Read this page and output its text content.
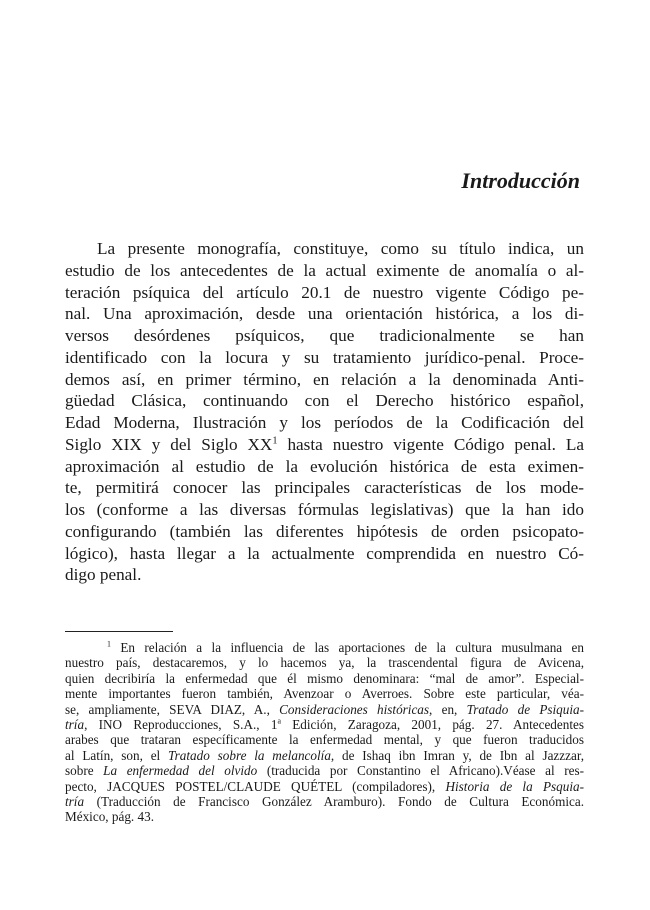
Introducción
La presente monografía, constituye, como su título indica, un
estudio de los antecedentes de la actual eximente de anomalía o al-
teración psíquica del artículo 20.1 de nuestro vigente Código pe-
nal. Una aproximación, desde una orientación histórica, a los di-
versos desórdenes psíquicos, que tradicionalmente se han
identificado con la locura y su tratamiento jurídico-penal. Proce-
demos así, en primer término, en relación a la denominada Anti-
güedad Clásica, continuando con el Derecho histórico español,
Edad Moderna, Ilustración y los períodos de la Codificación del
Siglo XIX y del Siglo $XX^1$ hasta nuestro vigente Código penal. La
aproximación al estudio de la evolución histórica de esta eximen-
te, permitirá conocer las principales características de los mode-
los (conforme a las diversas fórmulas legislativas) que la han ido
configurando (también las diferentes hipótesis de orden psicopato-
lógico), hasta llegar a la actualmente comprendida en nuestro Có-
digo penal.
$^1$ En relación a la influencia de las aportaciones de la cultura musulmana en
nuestro país, destacaremos, y lo hacemos ya, la trascendental figura de Avicena,
quien decribiría la enfermedad que él mismo denominara: “mal de amor”. Especial-
mente importantes fueron también, Avenzoar o Averroes. Sobre este particular, véa-
se, ampliamente, SEVA DIAZ, A., Consideraciones históricas, en, Tratado de Psiquia-
tría, INO Reproducciones, S.A., 1$^a$ Edición, Zaragoza, 2001, pág. 27. Antecedentes
arabes que trataran específicamente la enfermedad mental, y que fueron traducidos
al Latín, son, el Tratado sobre la melancolía, de Ishaq ibn Imran y, de Ibn al Jazzzar,
sobre La enfermedad del olvido (traducida por Constantino el Africano).Véase al res-
pecto, JACQUES POSTEL/CLAUDE QUÉTEL (compiladores), Historia de la Psquia-
tría (Traducción de Francisco González Aramburo). Fondo de Cultura Económica.
México, pág. 43.
